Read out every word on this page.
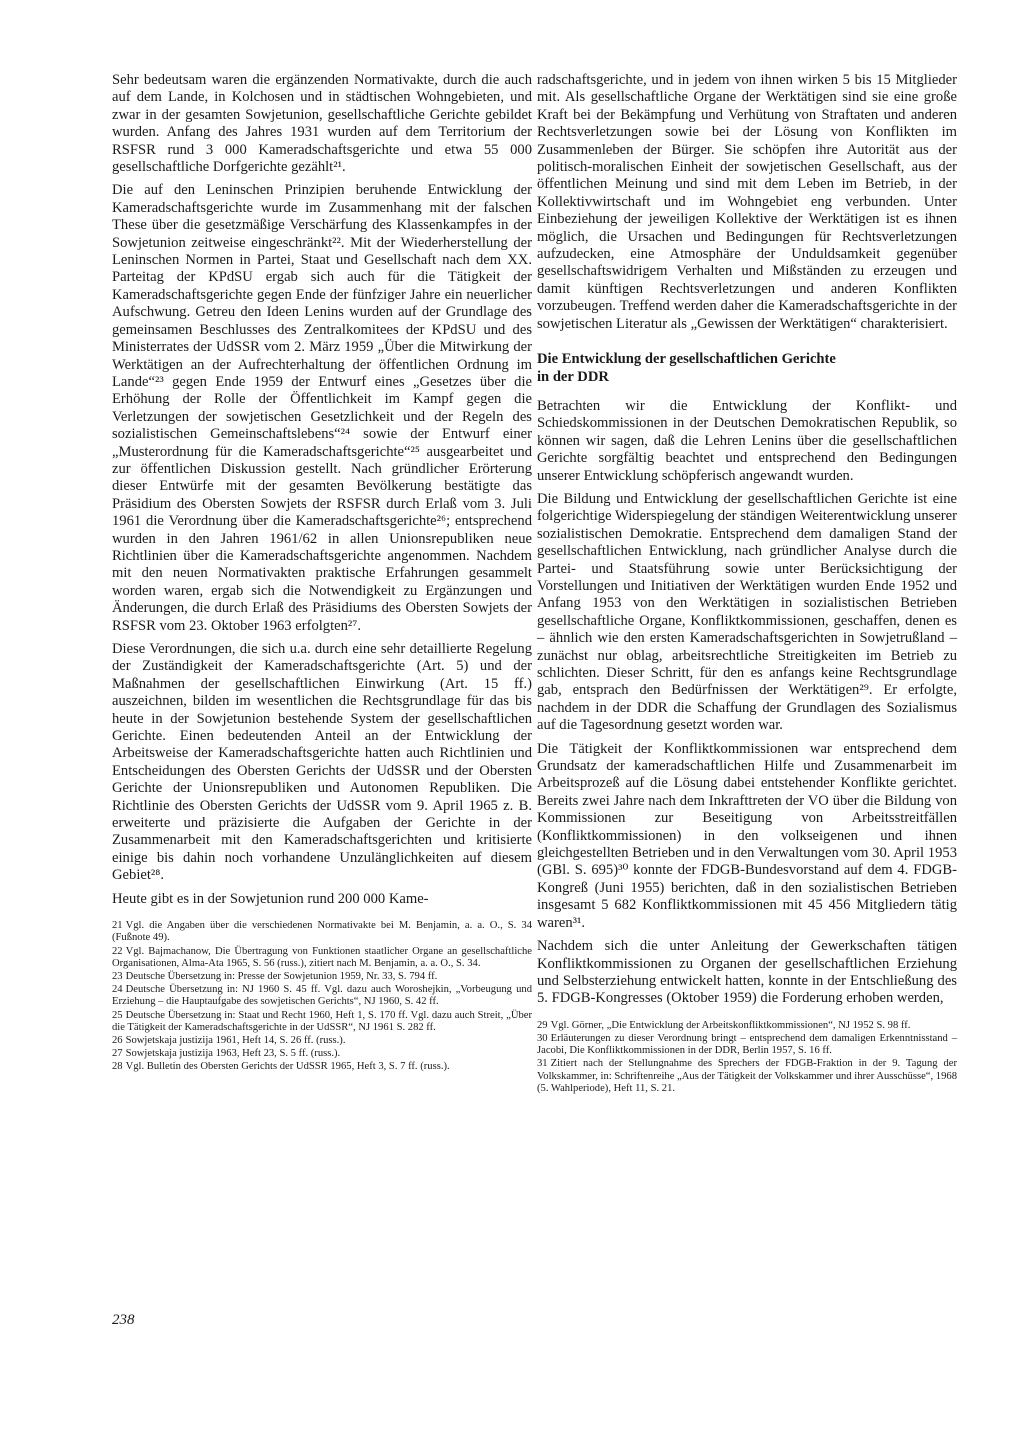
Sehr bedeutsam waren die ergänzenden Normativakte, durch die auch auf dem Lande, in Kolchosen und in städtischen Wohngebieten, und zwar in der gesamten Sowjetunion, gesellschaftliche Gerichte gebildet wurden. Anfang des Jahres 1931 wurden auf dem Territorium der RSFSR rund 3 000 Kameradschaftsgerichte und etwa 55 000 gesellschaftliche Dorfgerichte gezählt²¹.

Die auf den Leninschen Prinzipien beruhende Entwicklung der Kameradschaftsgerichte wurde im Zusammenhang mit der falschen These über die gesetzmäßige Verschärfung des Klassenkampfes in der Sowjetunion zeitweise eingeschränkt²². Mit der Wiederherstellung der Leninschen Normen in Partei, Staat und Gesellschaft nach dem XX. Parteitag der KPdSU ergab sich auch für die Tätigkeit der Kameradschaftsgerichte gegen Ende der fünfziger Jahre ein neuerlicher Aufschwung. Getreu den Ideen Lenins wurden auf der Grundlage des gemeinsamen Beschlusses des Zentralkomitees der KPdSU und des Ministerrates der UdSSR vom 2. März 1959 „Über die Mitwirkung der Werktätigen an der Aufrechterhaltung der öffentlichen Ordnung im Lande“²³ gegen Ende 1959 der Entwurf eines „Gesetzes über die Erhöhung der Rolle der Öffentlichkeit im Kampf gegen die Verletzungen der sowjetischen Gesetzlichkeit und der Regeln des sozialistischen Gemeinschaftslebens“²⁴ sowie der Entwurf einer „Musterordnung für die Kameradschaftsgerichte“²⁵ ausgearbeitet und zur öffentlichen Diskussion gestellt. Nach gründlicher Erörterung dieser Entwürfe mit der gesamten Bevölkerung bestätigte das Präsidium des Obersten Sowjets der RSFSR durch Erlaß vom 3. Juli 1961 die Verordnung über die Kameradschaftsgerichte²⁶; entsprechend wurden in den Jahren 1961/62 in allen Unionsrepubliken neue Richtlinien über die Kameradschaftsgerichte angenommen. Nachdem mit den neuen Normativakten praktische Erfahrungen gesammelt worden waren, ergab sich die Notwendigkeit zu Ergänzungen und Änderungen, die durch Erlaß des Präsidiums des Obersten Sowjets der RSFSR vom 23. Oktober 1963 erfolgten²⁷.

Diese Verordnungen, die sich u.a. durch eine sehr detaillierte Regelung der Zuständigkeit der Kameradschaftsgerichte (Art. 5) und der Maßnahmen der gesellschaftlichen Einwirkung (Art. 15 ff.) auszeichnen, bilden im wesentlichen die Rechtsgrundlage für das bis heute in der Sowjetunion bestehende System der gesellschaftlichen Gerichte. Einen bedeutenden Anteil an der Entwicklung der Arbeitsweise der Kameradschaftsgerichte hatten auch Richtlinien und Entscheidungen des Obersten Gerichts der UdSSR und der Obersten Gerichte der Unionsrepubliken und Autonomen Republiken. Die Richtlinie des Obersten Gerichts der UdSSR vom 9. April 1965 z. B. erweiterte und präzisierte die Aufgaben der Gerichte in der Zusammenarbeit mit den Kameradschaftsgerichten und kritisierte einige bis dahin noch vorhandene Unzulänglichkeiten auf diesem Gebiet²⁸.

Heute gibt es in der Sowjetunion rund 200 000 Kame-

21 Vgl. die Angaben über die verschiedenen Normativakte bei M. Benjamin, a. a. O., S. 34 (Fußnote 49).

22 Vgl. Bajmachanow, Die Übertragung von Funktionen staatlicher Organe an gesellschaftliche Organisationen, Alma-Ata 1965, S. 56 (russ.), zitiert nach M. Benjamin, a. a. O., S. 34.

23 Deutsche Übersetzung in: Presse der Sowjetunion 1959, Nr. 33, S. 794 ff.

24 Deutsche Übersetzung in: NJ 1960 S. 45 ff. Vgl. dazu auch Woroshejkin, „Vorbeugung und Erziehung – die Hauptaufgabe des sowjetischen Gerichts“, NJ 1960, S. 42 ff.

25 Deutsche Übersetzung in: Staat und Recht 1960, Heft 1, S. 170 ff. Vgl. dazu auch Streit, „Über die Tätigkeit der Kameradschaftsgerichte in der UdSSR“, NJ 1961 S. 282 ff.

26 Sowjetskaja justizija 1961, Heft 14, S. 26 ff. (russ.).

27 Sowjetskaja justizija 1963, Heft 23, S. 5 ff. (russ.).

28 Vgl. Bulletin des Obersten Gerichts der UdSSR 1965, Heft 3, S. 7 ff. (russ.).

radschaftsgerichte, und in jedem von ihnen wirken 5 bis 15 Mitglieder mit. Als gesellschaftliche Organe der Werktätigen sind sie eine große Kraft bei der Bekämpfung und Verhütung von Straftaten und anderen Rechtsverletzungen sowie bei der Lösung von Konflikten im Zusammenleben der Bürger. Sie schöpfen ihre Autorität aus der politisch-moralischen Einheit der sowjetischen Gesellschaft, aus der öffentlichen Meinung und sind mit dem Leben im Betrieb, in der Kollektivwirtschaft und im Wohngebiet eng verbunden. Unter Einbeziehung der jeweiligen Kollektive der Werktätigen ist es ihnen möglich, die Ursachen und Bedingungen für Rechtsverletzungen aufzudecken, eine Atmosphäre der Unduldsamkeit gegenüber gesellschaftswidrigem Verhalten und Mißständen zu erzeugen und damit künftigen Rechtsverletzungen und anderen Konflikten vorzubeugen. Treffend werden daher die Kameradschaftsgerichte in der sowjetischen Literatur als „Gewissen der Werktätigen“ charakterisiert.

Die Entwicklung der gesellschaftlichen Gerichte
in der DDR

Betrachten wir die Entwicklung der Konflikt- und Schiedskommissionen in der Deutschen Demokratischen Republik, so können wir sagen, daß die Lehren Lenins über die gesellschaftlichen Gerichte sorgfältig beachtet und entsprechend den Bedingungen unserer Entwicklung schöpferisch angewandt wurden.

Die Bildung und Entwicklung der gesellschaftlichen Gerichte ist eine folgerichtige Widerspiegelung der ständigen Weiterentwicklung unserer sozialistischen Demokratie. Entsprechend dem damaligen Stand der gesellschaftlichen Entwicklung, nach gründlicher Analyse durch die Partei- und Staatsführung sowie unter Berücksichtigung der Vorstellungen und Initiativen der Werktätigen wurden Ende 1952 und Anfang 1953 von den Werktätigen in sozialistischen Betrieben gesellschaftliche Organe, Konfliktkommissionen, geschaffen, denen es – ähnlich wie den ersten Kameradschaftsgerichten in Sowjetrußland – zunächst nur oblag, arbeitsrechtliche Streitigkeiten im Betrieb zu schlichten. Dieser Schritt, für den es anfangs keine Rechtsgrundlage gab, entsprach den Bedürfnissen der Werktätigen²⁹. Er erfolgte, nachdem in der DDR die Schaffung der Grundlagen des Sozialismus auf die Tagesordnung gesetzt worden war.

Die Tätigkeit der Konfliktkommissionen war entsprechend dem Grundsatz der kameradschaftlichen Hilfe und Zusammenarbeit im Arbeitsprozeß auf die Lösung dabei entstehender Konflikte gerichtet. Bereits zwei Jahre nach dem Inkrafttreten der VO über die Bildung von Kommissionen zur Beseitigung von Arbeitsstreitfällen (Konfliktkommissionen) in den volkseigenen und ihnen gleichgestellten Betrieben und in den Verwaltungen vom 30. April 1953 (GBl. S. 695)³⁰ konnte der FDGB-Bundesvorstand auf dem 4. FDGB-Kongreß (Juni 1955) berichten, daß in den sozialistischen Betrieben insgesamt 5 682 Konfliktkommissionen mit 45 456 Mitgliedern tätig waren³¹.

Nachdem sich die unter Anleitung der Gewerkschaften tätigen Konfliktkommissionen zu Organen der gesellschaftlichen Erziehung und Selbsterziehung entwickelt hatten, konnte in der Entschließung des 5. FDGB-Kongresses (Oktober 1959) die Forderung erhoben werden,

29 Vgl. Görner, „Die Entwicklung der Arbeitskonfliktkommissionen“, NJ 1952 S. 98 ff.

30 Erläuterungen zu dieser Verordnung bringt – entsprechend dem damaligen Erkenntnisstand – Jacobi, Die Konfliktkommissionen in der DDR, Berlin 1957, S. 16 ff.

31 Zitiert nach der Stellungnahme des Sprechers der FDGB-Fraktion in der 9. Tagung der Volkskammer, in: Schriftenreihe „Aus der Tätigkeit der Volkskammer und ihrer Ausschüsse“, 1968 (5. Wahlperiode), Heft 11, S. 21.

238
